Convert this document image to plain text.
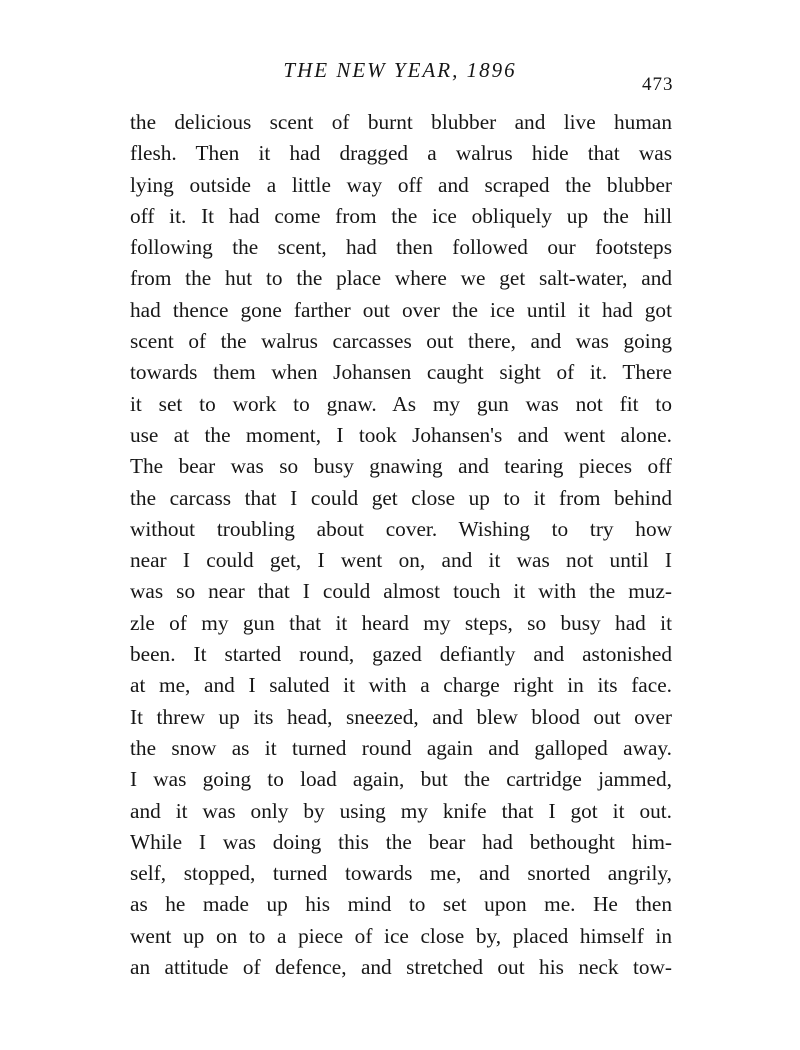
THE NEW YEAR, 1896
473
the delicious scent of burnt blubber and live human
flesh. Then it had dragged a walrus hide that was
lying outside a little way off and scraped the blubber
off it. It had come from the ice obliquely up the hill
following the scent, had then followed our footsteps
from the hut to the place where we get salt-water, and
had thence gone farther out over the ice until it had got
scent of the walrus carcasses out there, and was going
towards them when Johansen caught sight of it. There
it set to work to gnaw. As my gun was not fit to
use at the moment, I took Johansen's and went alone.
The bear was so busy gnawing and tearing pieces off
the carcass that I could get close up to it from behind
without troubling about cover. Wishing to try how
near I could get, I went on, and it was not until I
was so near that I could almost touch it with the muz-
zle of my gun that it heard my steps, so busy had it
been. It started round, gazed defiantly and astonished
at me, and I saluted it with a charge right in its face.
It threw up its head, sneezed, and blew blood out over
the snow as it turned round again and galloped away.
I was going to load again, but the cartridge jammed,
and it was only by using my knife that I got it out.
While I was doing this the bear had bethought him-
self, stopped, turned towards me, and snorted angrily,
as he made up his mind to set upon me. He then
went up on to a piece of ice close by, placed himself in
an attitude of defence, and stretched out his neck tow-
